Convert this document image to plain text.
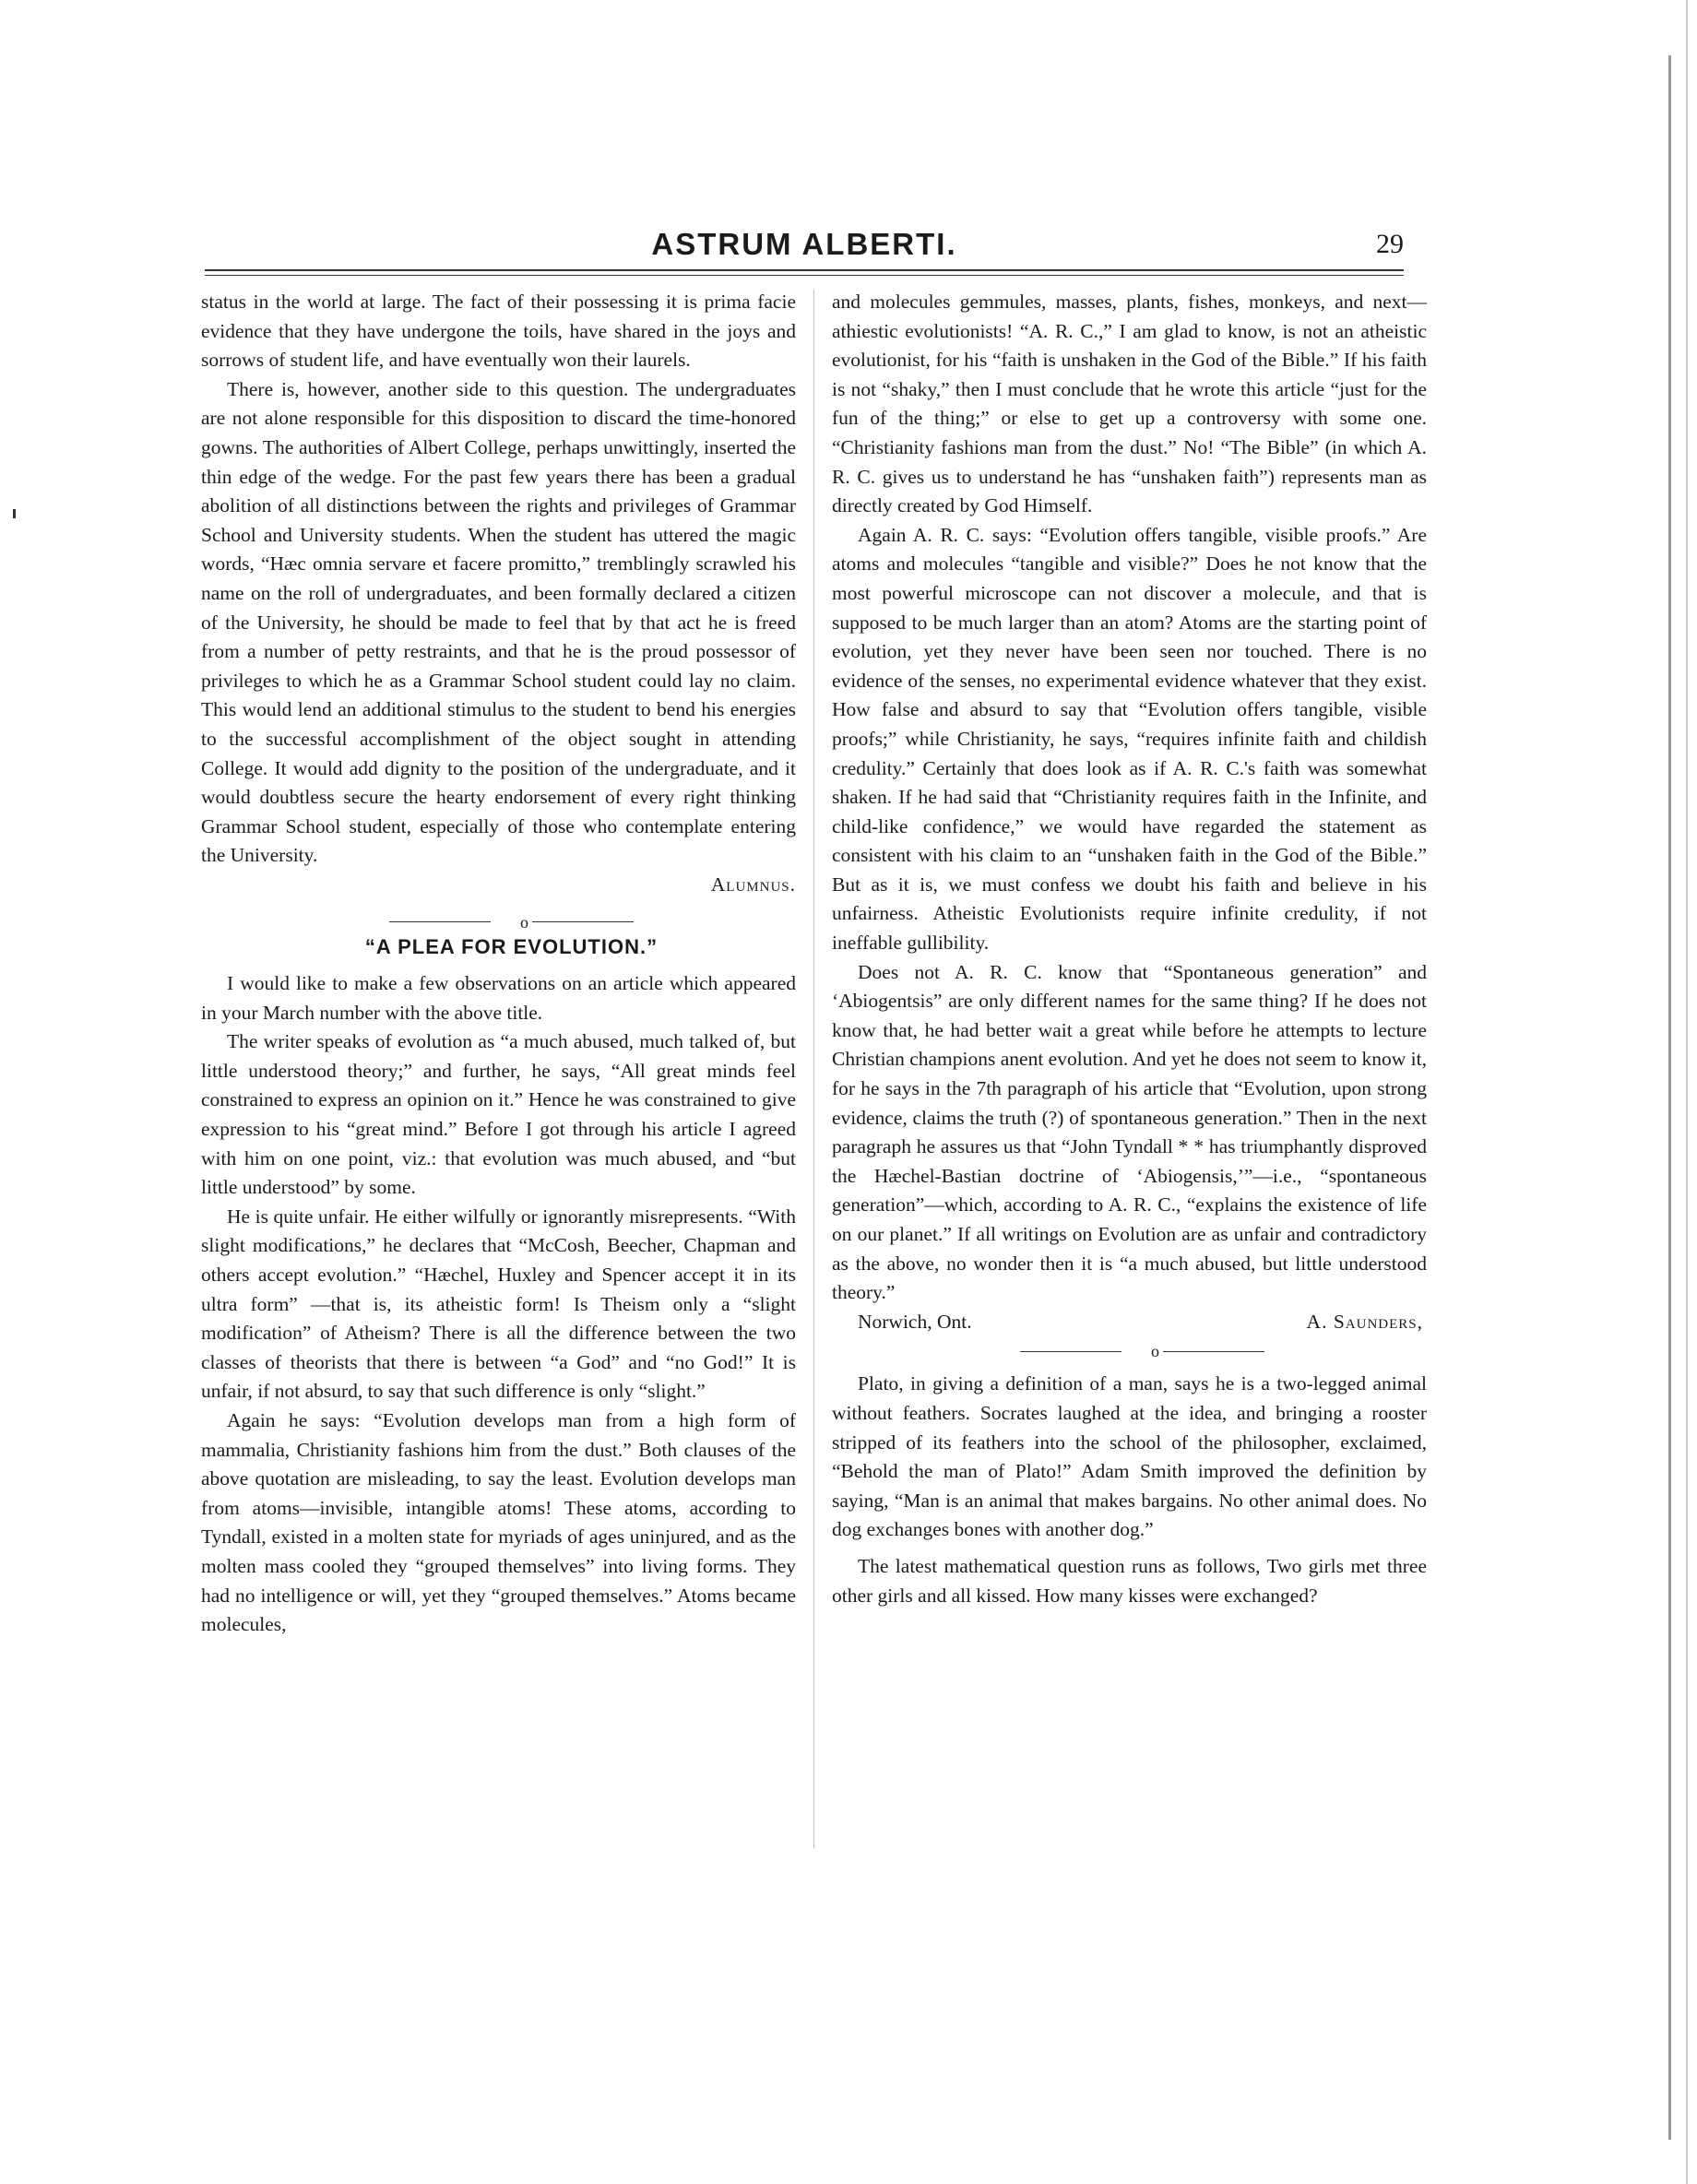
ASTRUM ALBERTI.	29

status in the world at large. The fact of their possessing it is prima facie evidence that they have undergone the toils, have shared in the joys and sorrows of student life, and have eventually won their laurels.

There is, however, another side to this question. The undergraduates are not alone responsible for this disposition to discard the time-honored gowns. The authorities of Albert College, perhaps unwittingly, inserted the thin edge of the wedge. For the past few years there has been a gradual abolition of all distinctions between the rights and privileges of Grammar School and University students. When the student has uttered the magic words, “Hæc omnia servare et facere promitto,” tremblingly scrawled his name on the roll of undergraduates, and been formally declared a citizen of the University, he should be made to feel that by that act he is freed from a number of petty restraints, and that he is the proud possessor of privileges to which he as a Grammar School student could lay no claim. This would lend an additional stimulus to the student to bend his energies to the successful accomplishment of the object sought in attending College. It would add dignity to the position of the undergraduate, and it would doubtless secure the hearty endorsement of every right thinking Grammar School student, especially of those who contemplate entering the University.

Alumnus.

o

“A PLEA FOR EVOLUTION.”

I would like to make a few observations on an article which appeared in your March number with the above title.

The writer speaks of evolution as “a much abused, much talked of, but little understood theory;” and further, he says, “All great minds feel constrained to express an opinion on it.” Hence he was constrained to give expression to his “great mind.” Before I got through his article I agreed with him on one point, viz.: that evolution was much abused, and “but little understood” by some.

He is quite unfair. He either wilfully or ignorantly misrepresents. “With slight modifications,” he declares that “McCosh, Beecher, Chapman and others accept evolution.” “Hæchel, Huxley and Spencer accept it in its ultra form” —that is, its atheistic form! Is Theism only a “slight modification” of Atheism? There is all the difference between the two classes of theorists that there is between “a God” and “no God!” It is unfair, if not absurd, to say that such difference is only “slight.”

Again he says: “Evolution develops man from a high form of mammalia, Christianity fashions him from the dust.” Both clauses of the above quotation are misleading, to say the least. Evolution develops man from atoms—invisible, intangible atoms! These atoms, according to Tyndall, existed in a molten state for myriads of ages uninjured, and as the molten mass cooled they “grouped themselves” into living forms. They had no intelligence or will, yet they “grouped themselves.” Atoms became molecules,

and molecules gemmules, masses, plants, fishes, monkeys, and next—athiestic evolutionists! “A. R. C.,” I am glad to know, is not an atheistic evolutionist, for his “faith is unshaken in the God of the Bible.” If his faith is not “shaky,” then I must conclude that he wrote this article “just for the fun of the thing;” or else to get up a controversy with some one. “Christianity fashions man from the dust.” No! “The Bible” (in which A. R. C. gives us to understand he has “unshaken faith”) represents man as directly created by God Himself.

Again A. R. C. says: “Evolution offers tangible, visible proofs.” Are atoms and molecules “tangible and visible?” Does he not know that the most powerful microscope can not discover a molecule, and that is supposed to be much larger than an atom? Atoms are the starting point of evolution, yet they never have been seen nor touched. There is no evidence of the senses, no experimental evidence whatever that they exist. How false and absurd to say that “Evolution offers tangible, visible proofs;” while Christianity, he says, “requires infinite faith and childish credulity.” Certainly that does look as if A. R. C.'s faith was somewhat shaken. If he had said that “Christianity requires faith in the Infinite, and child-like confidence,” we would have regarded the statement as consistent with his claim to an “unshaken faith in the God of the Bible.” But as it is, we must confess we doubt his faith and believe in his unfairness. Atheistic Evolutionists require infinite credulity, if not ineffable gullibility.

Does not A. R. C. know that “Spontaneous generation” and ‘Abiogentsis” are only different names for the same thing? If he does not know that, he had better wait a great while before he attempts to lecture Christian champions anent evolution. And yet he does not seem to know it, for he says in the 7th paragraph of his article that “Evolution, upon strong evidence, claims the truth (?) of spontaneous generation.” Then in the next paragraph he assures us that “John Tyndall * * has triumphantly disproved the Hæchel-Bastian doctrine of ‘Abiogensis,’”—i.e., “spontaneous generation”—which, according to A. R. C., “explains the existence of life on our planet.” If all writings on Evolution are as unfair and contradictory as the above, no wonder then it is “a much abused, but little understood theory.”

Norwich, Ont.	A. Saunders,

o

Plato, in giving a definition of a man, says he is a two-legged animal without feathers. Socrates laughed at the idea, and bringing a rooster stripped of its feathers into the school of the philosopher, exclaimed, “Behold the man of Plato!” Adam Smith improved the definition by saying, “Man is an animal that makes bargains. No other animal does. No dog exchanges bones with another dog.”

The latest mathematical question runs as follows, Two girls met three other girls and all kissed. How many kisses were exchanged?
